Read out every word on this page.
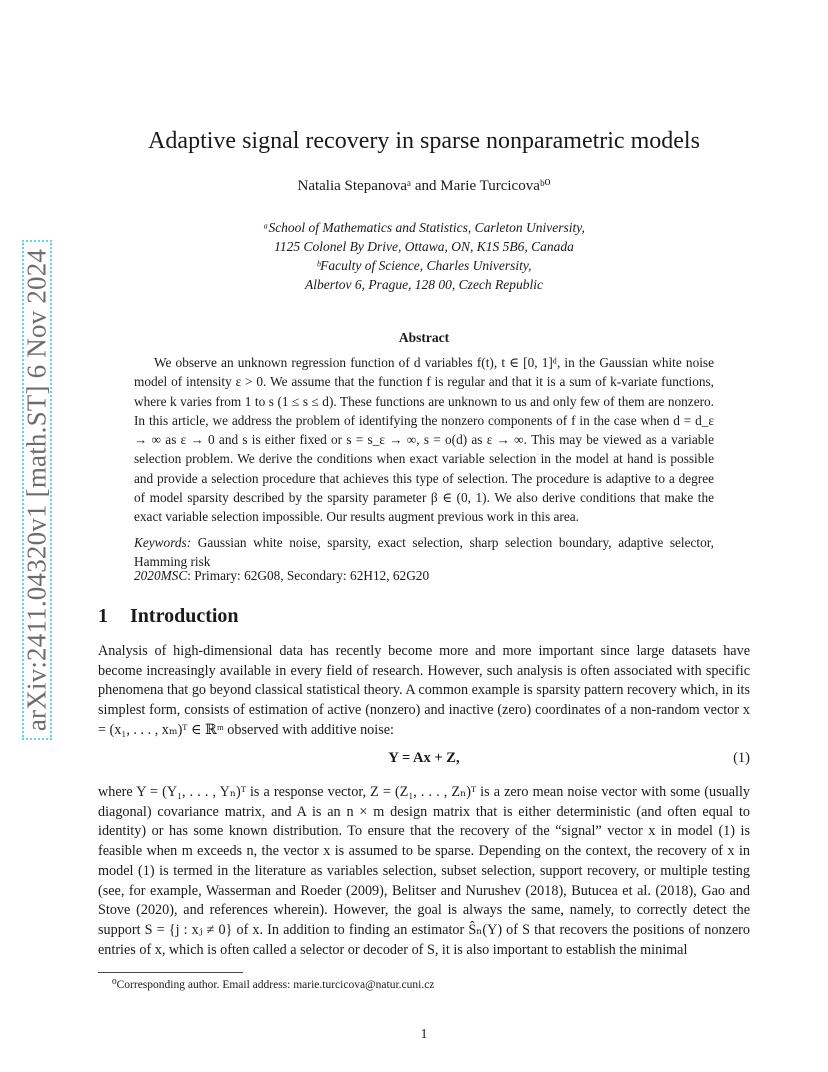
arXiv:2411.04320v1 [math.ST] 6 Nov 2024
Adaptive signal recovery in sparse nonparametric models
Natalia Stepanovaᵃ and Marie Turcicovaᵇ⁰
ᵃSchool of Mathematics and Statistics, Carleton University,
1125 Colonel By Drive, Ottawa, ON, K1S 5B6, Canada
ᵇFaculty of Science, Charles University,
Albertov 6, Prague, 128 00, Czech Republic
Abstract
We observe an unknown regression function of d variables f(t), t ∈ [0, 1]ᵈ, in the Gaussian white noise model of intensity ε > 0. We assume that the function f is regular and that it is a sum of k-variate functions, where k varies from 1 to s (1 ≤ s ≤ d). These functions are unknown to us and only few of them are nonzero. In this article, we address the problem of identifying the nonzero components of f in the case when d = d_ε → ∞ as ε → 0 and s is either fixed or s = s_ε → ∞, s = o(d) as ε → ∞. This may be viewed as a variable selection problem. We derive the conditions when exact variable selection in the model at hand is possible and provide a selection procedure that achieves this type of selection. The procedure is adaptive to a degree of model sparsity described by the sparsity parameter β ∈ (0, 1). We also derive conditions that make the exact variable selection impossible. Our results augment previous work in this area.
Keywords: Gaussian white noise, sparsity, exact selection, sharp selection boundary, adaptive selector, Hamming risk
2020MSC: Primary: 62G08, Secondary: 62H12, 62G20
1 Introduction
Analysis of high-dimensional data has recently become more and more important since large datasets have become increasingly available in every field of research. However, such analysis is often associated with specific phenomena that go beyond classical statistical theory. A common example is sparsity pattern recovery which, in its simplest form, consists of estimation of active (nonzero) and inactive (zero) coordinates of a non-random vector x = (x₁, . . . , xₘ)ᵀ ∈ ℝᵐ observed with additive noise:
Y = Ax + Z,	(1)
where Y = (Y₁, . . . , Yₙ)ᵀ is a response vector, Z = (Z₁, . . . , Zₙ)ᵀ is a zero mean noise vector with some (usually diagonal) covariance matrix, and A is an n × m design matrix that is either deterministic (and often equal to identity) or has some known distribution. To ensure that the recovery of the “signal” vector x in model (1) is feasible when m exceeds n, the vector x is assumed to be sparse. Depending on the context, the recovery of x in model (1) is termed in the literature as variables selection, subset selection, support recovery, or multiple testing (see, for example, Wasserman and Roeder (2009), Belitser and Nurushev (2018), Butucea et al. (2018), Gao and Stove (2020), and references wherein). However, the goal is always the same, namely, to correctly detect the support S = {j : xⱼ ≠ 0} of x. In addition to finding an estimator Ŝₙ(Y) of S that recovers the positions of nonzero entries of x, which is often called a selector or decoder of S, it is also important to establish the minimal
⁰Corresponding author. Email address: marie.turcicova@natur.cuni.cz
1
